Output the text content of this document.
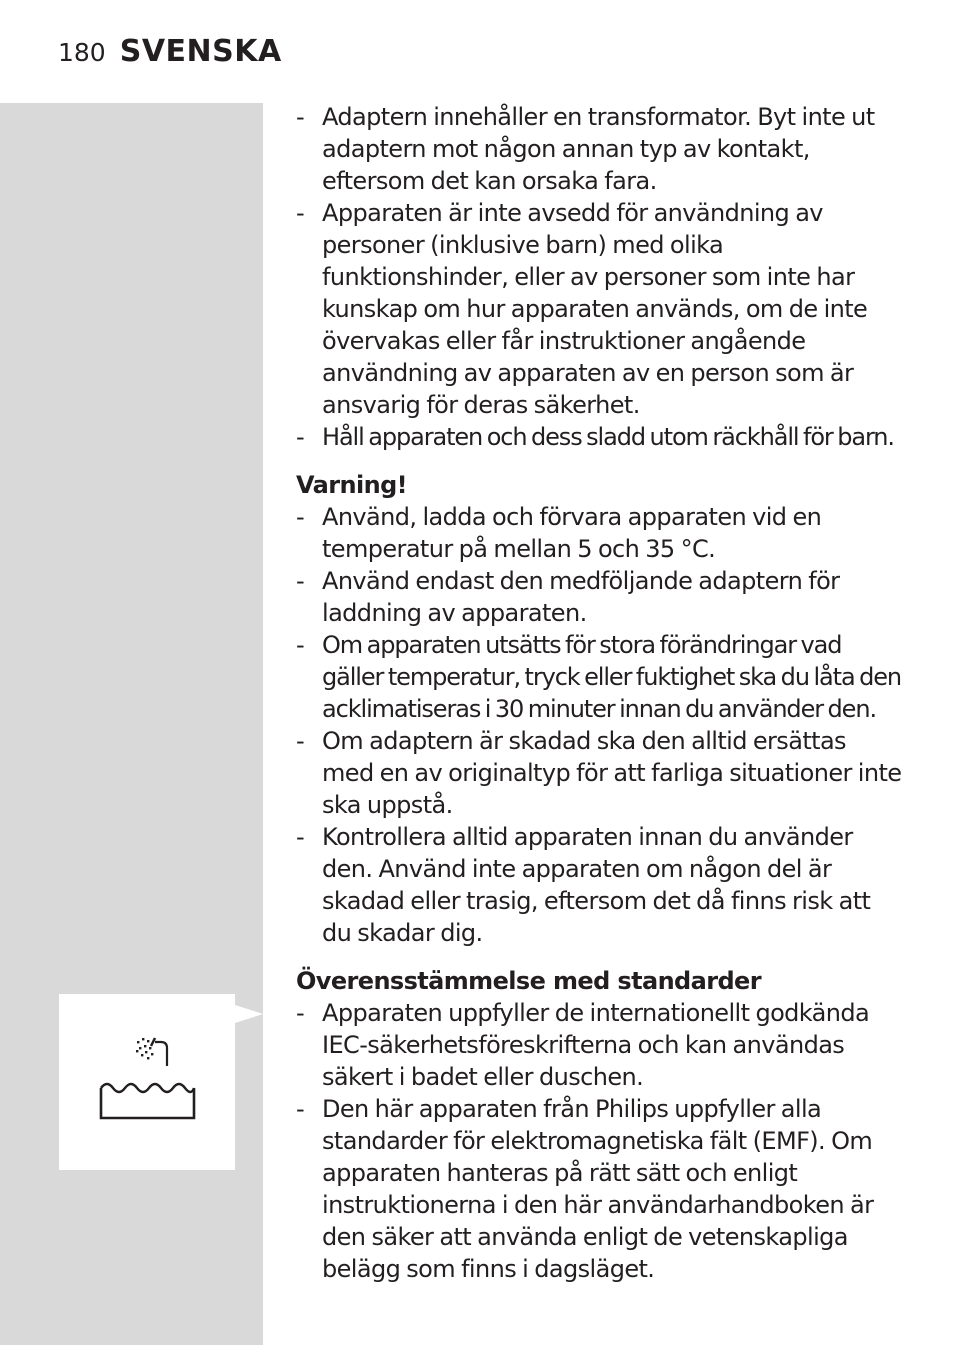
180 SVENSKA
- Adaptern innehåller en transformator. Byt inte ut adaptern mot någon annan typ av kontakt, eftersom det kan orsaka fara.
- Apparaten är inte avsedd för användning av personer (inklusive barn) med olika funktionshinder, eller av personer som inte har kunskap om hur apparaten används, om de inte övervakas eller får instruktioner angående användning av apparaten av en person som är ansvarig för deras säkerhet.
- Håll apparaten och dess sladd utom räckhåll för barn.
Varning!
- Använd, ladda och förvara apparaten vid en temperatur på mellan 5 och 35 °C.
- Använd endast den medföljande adaptern för laddning av apparaten.
- Om apparaten utsätts för stora förändringar vad gäller temperatur, tryck eller fuktighet ska du låta den acklimatiseras i 30 minuter innan du använder den.
- Om adaptern är skadad ska den alltid ersättas med en av originaltyp för att farliga situationer inte ska uppstå.
- Kontrollera alltid apparaten innan du använder den. Använd inte apparaten om någon del är skadad eller trasig, eftersom det då finns risk att du skadar dig.
Överensstämmelse med standarder
- Apparaten uppfyller de internationellt godkända IEC-säkerhetsföreskrifterna och kan användas säkert i badet eller duschen.
- Den här apparaten från Philips uppfyller alla standarder för elektromagnetiska fält (EMF). Om apparaten hanteras på rätt sätt och enligt instruktionerna i den här användarhandboken är den säker att använda enligt de vetenskapliga belägg som finns i dagsläget.
